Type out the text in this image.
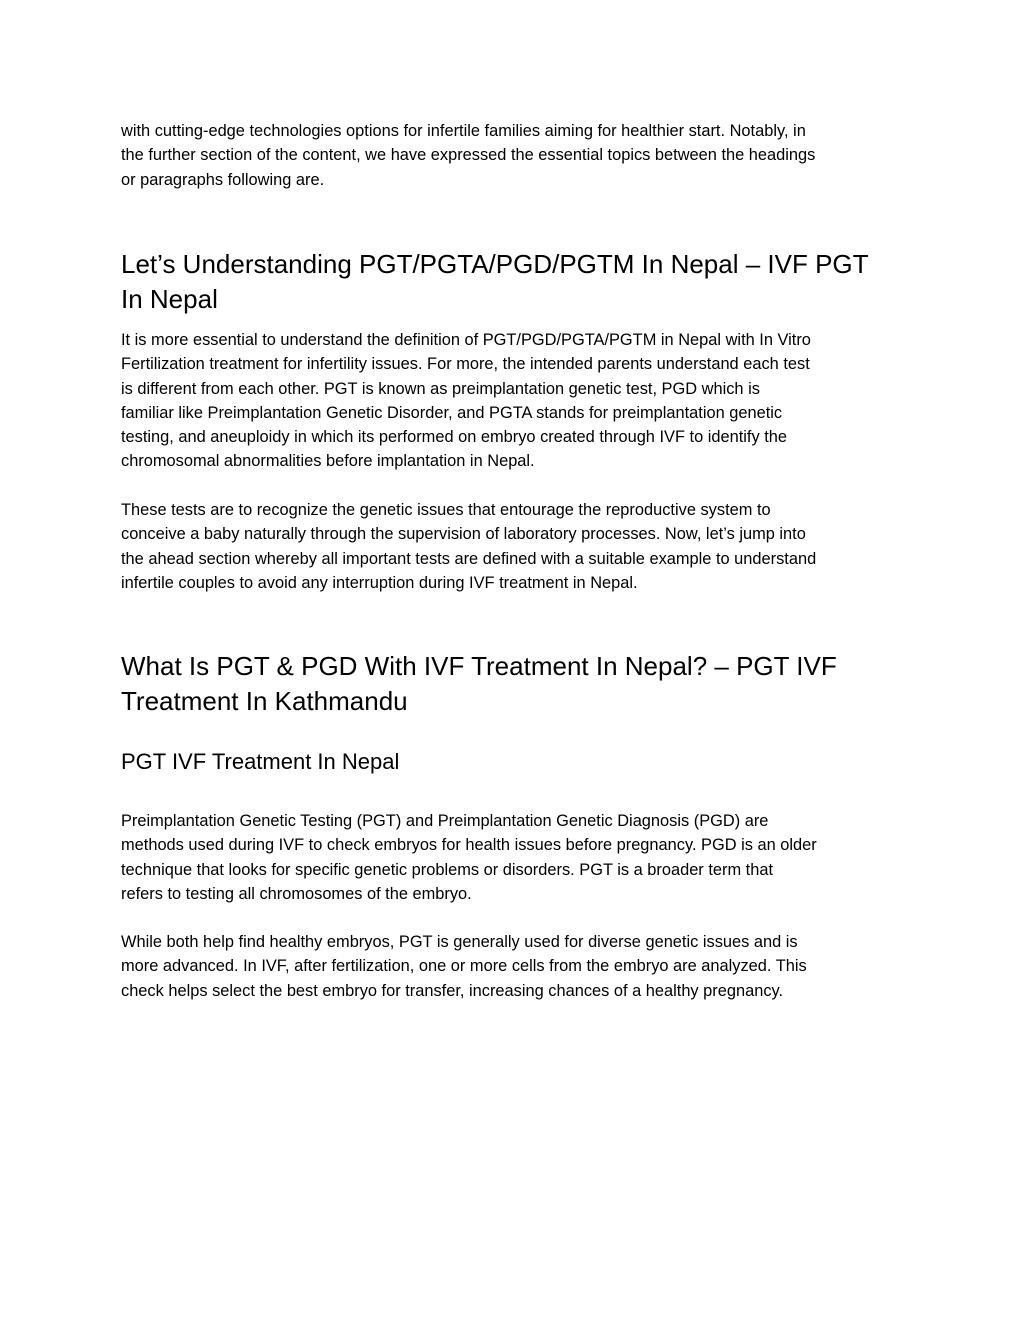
with cutting-edge technologies options for infertile families aiming for healthier start. Notably, in
the further section of the content, we have expressed the essential topics between the headings
or paragraphs following are.
Let’s Understanding PGT/PGTA/PGD/PGTM In Nepal – IVF PGT
In Nepal
It is more essential to understand the definition of PGT/PGD/PGTA/PGTM in Nepal with In Vitro
Fertilization treatment for infertility issues. For more, the intended parents understand each test
is different from each other. PGT is known as preimplantation genetic test, PGD which is
familiar like Preimplantation Genetic Disorder, and PGTA stands for preimplantation genetic
testing, and aneuploidy in which its performed on embryo created through IVF to identify the
chromosomal abnormalities before implantation in Nepal.
These tests are to recognize the genetic issues that entourage the reproductive system to
conceive a baby naturally through the supervision of laboratory processes. Now, let’s jump into
the ahead section whereby all important tests are defined with a suitable example to understand
infertile couples to avoid any interruption during IVF treatment in Nepal.
What Is PGT & PGD With IVF Treatment In Nepal? – PGT IVF
Treatment In Kathmandu
PGT IVF Treatment In Nepal
Preimplantation Genetic Testing (PGT) and Preimplantation Genetic Diagnosis (PGD) are
methods used during IVF to check embryos for health issues before pregnancy. PGD is an older
technique that looks for specific genetic problems or disorders. PGT is a broader term that
refers to testing all chromosomes of the embryo.
While both help find healthy embryos, PGT is generally used for diverse genetic issues and is
more advanced. In IVF, after fertilization, one or more cells from the embryo are analyzed. This
check helps select the best embryo for transfer, increasing chances of a healthy pregnancy.
